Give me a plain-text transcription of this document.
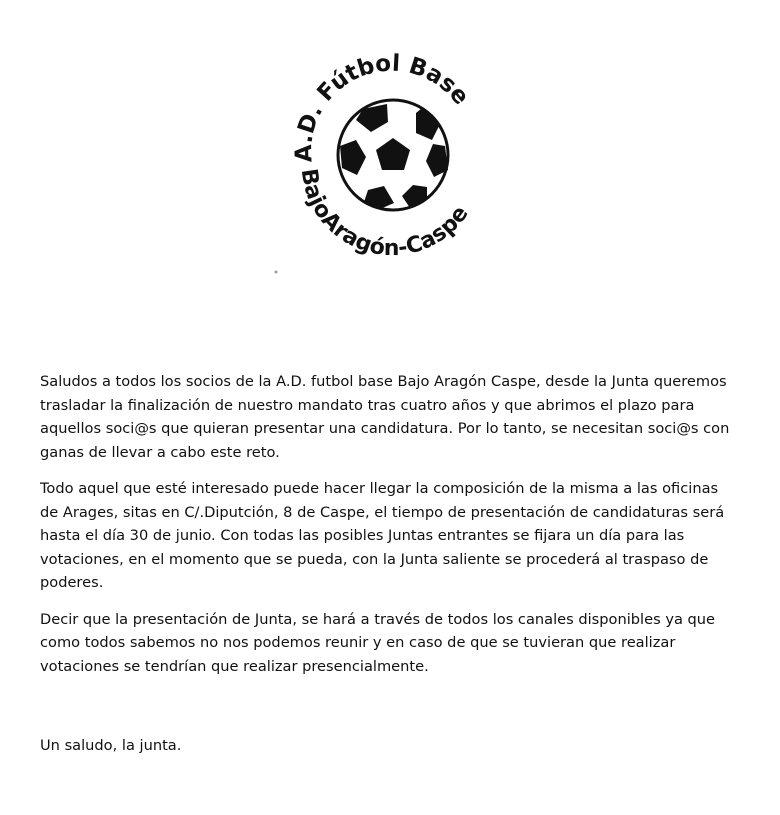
A.D. Fútbol Base
BajoAragón-Caspe

Saludos a todos los socios de la A.D. futbol base Bajo Aragón Caspe, desde la Junta queremos trasladar la finalización de nuestro mandato tras cuatro años y que abrimos el plazo para aquellos soci@s que quieran presentar una candidatura. Por lo tanto, se necesitan soci@s con ganas de llevar a cabo este reto.

Todo aquel que esté interesado puede hacer llegar la composición de la misma a las oficinas de Arages, sitas en C/.Diputción, 8 de Caspe, el tiempo de presentación de candidaturas será hasta el día 30 de junio. Con todas las posibles Juntas entrantes se fijara un día para las votaciones, en el momento que se pueda, con la Junta saliente se procederá al traspaso de poderes.

Decir que la presentación de Junta, se hará a través de todos los canales disponibles ya que como todos sabemos no nos podemos reunir y en caso de que se tuvieran que realizar votaciones se tendrían que realizar presencialmente.

Un saludo, la junta.
